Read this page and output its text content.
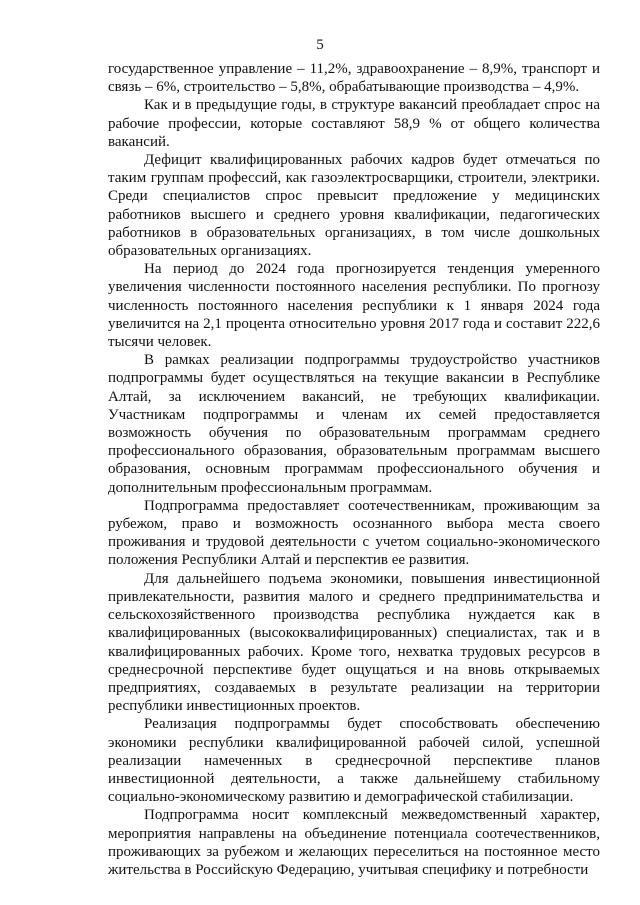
5

государственное управление – 11,2%, здравоохранение – 8,9%, транспорт и связь – 6%, строительство – 5,8%, обрабатывающие производства – 4,9%.

Как и в предыдущие годы, в структуре вакансий преобладает спрос на рабочие профессии, которые составляют 58,9 % от общего количества вакансий.

Дефицит квалифицированных рабочих кадров будет отмечаться по таким группам профессий, как газоэлектросварщики, строители, электрики. Среди специалистов спрос превысит предложение у медицинских работников высшего и среднего уровня квалификации, педагогических работников в образовательных организациях, в том числе дошкольных образовательных организациях.

На период до 2024 года прогнозируется тенденция умеренного увеличения численности постоянного населения республики. По прогнозу численность постоянного населения республики к 1 января 2024 года увеличится на 2,1 процента относительно уровня 2017 года и составит 222,6 тысячи человек.

В рамках реализации подпрограммы трудоустройство участников подпрограммы будет осуществляться на текущие вакансии в Республике Алтай, за исключением вакансий, не требующих квалификации. Участникам подпрограммы и членам их семей предоставляется возможность обучения по образовательным программам среднего профессионального образования, образовательным программам высшего образования, основным программам профессионального обучения и дополнительным профессиональным программам.

Подпрограмма предоставляет соотечественникам, проживающим за рубежом, право и возможность осознанного выбора места своего проживания и трудовой деятельности с учетом социально-экономического положения Республики Алтай и перспектив ее развития.

Для дальнейшего подъема экономики, повышения инвестиционной привлекательности, развития малого и среднего предпринимательства и сельскохозяйственного производства республика нуждается как в квалифицированных (высококвалифицированных) специалистах, так и в квалифицированных рабочих. Кроме того, нехватка трудовых ресурсов в среднесрочной перспективе будет ощущаться и на вновь открываемых предприятиях, создаваемых в результате реализации на территории республики инвестиционных проектов.

Реализация подпрограммы будет способствовать обеспечению экономики республики квалифицированной рабочей силой, успешной реализации намеченных в среднесрочной перспективе планов инвестиционной деятельности, а также дальнейшему стабильному социально-экономическому развитию и демографической стабилизации.

Подпрограмма носит комплексный межведомственный характер, мероприятия направлены на объединение потенциала соотечественников, проживающих за рубежом и желающих переселиться на постоянное место жительства в Российскую Федерацию, учитывая специфику и потребности
